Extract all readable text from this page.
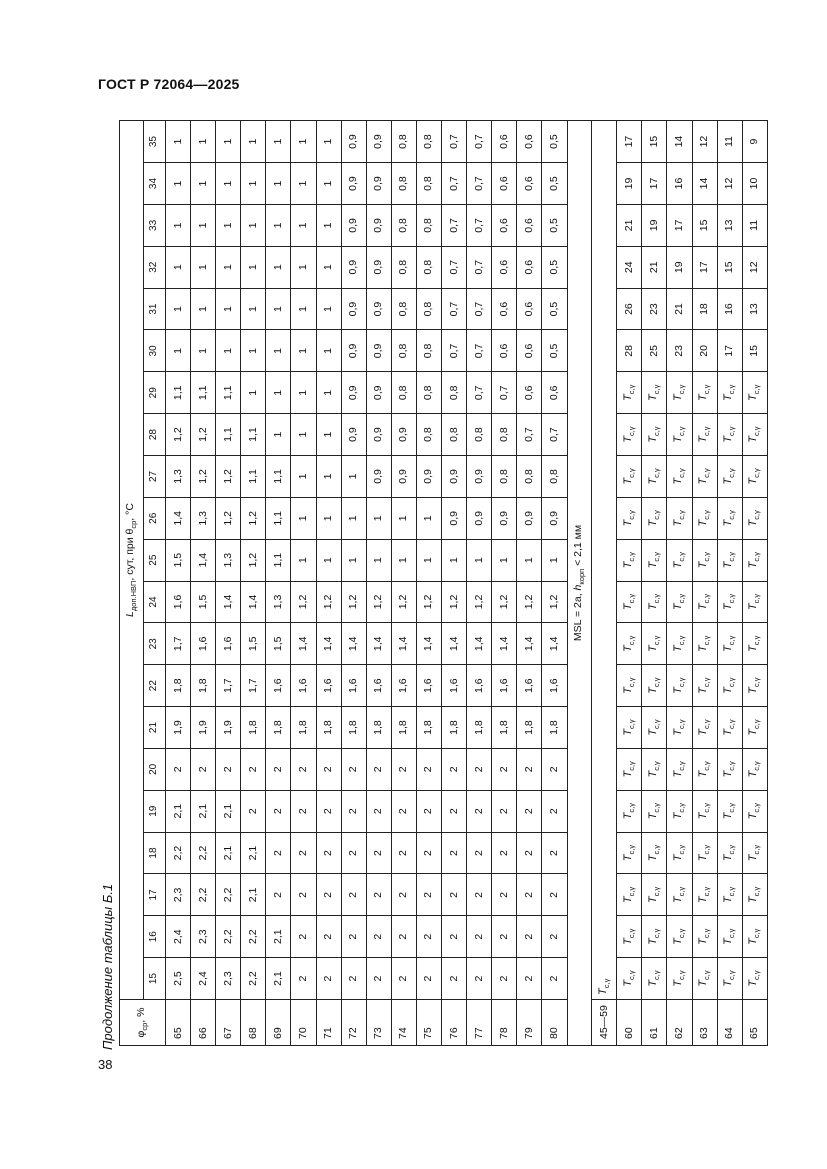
ГОСТ Р 72064—2025
Продолжение таблицы Б.1
38
$\varphi_{ср}$, %	$L_{доп.НВП}$, сут, при $\theta_{ср}$, °С																				
	15	16	17	18	19	20	21	22	23	24	25	26	27	28	29	30	31	32	33	34	35
65	2,5	2,4	2,3	2,2	2,1	2	1,9	1,8	1,7	1,6	1,5	1,4	1,3	1,2	1,1	1	1	1	1	1	1
66	2,4	2,3	2,2	2,2	2,1	2	1,9	1,8	1,6	1,5	1,4	1,3	1,2	1,2	1,1	1	1	1	1	1	1
67	2,3	2,2	2,2	2,1	2,1	2	1,9	1,7	1,6	1,4	1,3	1,2	1,2	1,1	1,1	1	1	1	1	1	1
68	2,2	2,2	2,1	2,1	2	2	1,8	1,7	1,5	1,4	1,2	1,2	1,1	1,1	1	1	1	1	1	1	1
69	2,1	2,1	2	2	2	2	1,8	1,6	1,5	1,3	1,1	1,1	1,1	1	1	1	1	1	1	1	1
70	2	2	2	2	2	2	1,8	1,6	1,4	1,2	1	1	1	1	1	1	1	1	1	1	1
71	2	2	2	2	2	2	1,8	1,6	1,4	1,2	1	1	1	1	1	1	1	1	1	1	1
72	2	2	2	2	2	2	1,8	1,6	1,4	1,2	1	1	1	0,9	0,9	0,9	0,9	0,9	0,9	0,9	0,9
73	2	2	2	2	2	2	1,8	1,6	1,4	1,2	1	1	0,9	0,9	0,9	0,9	0,9	0,9	0,9	0,9	0,9
74	2	2	2	2	2	2	1,8	1,6	1,4	1,2	1	1	0,9	0,9	0,8	0,8	0,8	0,8	0,8	0,8	0,8
75	2	2	2	2	2	2	1,8	1,6	1,4	1,2	1	1	0,9	0,8	0,8	0,8	0,8	0,8	0,8	0,8	0,8
76	2	2	2	2	2	2	1,8	1,6	1,4	1,2	1	0,9	0,9	0,8	0,8	0,7	0,7	0,7	0,7	0,7	0,7
77	2	2	2	2	2	2	1,8	1,6	1,4	1,2	1	0,9	0,9	0,8	0,7	0,7	0,7	0,7	0,7	0,7	0,7
78	2	2	2	2	2	2	1,8	1,6	1,4	1,2	1	0,9	0,8	0,8	0,7	0,6	0,6	0,6	0,6	0,6	0,6
79	2	2	2	2	2	2	1,8	1,6	1,4	1,2	1	0,9	0,8	0,7	0,6	0,6	0,6	0,6	0,6	0,6	0,6
80	2	2	2	2	2	2	1,8	1,6	1,4	1,2	1	0,9	0,8	0,7	0,6	0,5	0,5	0,5	0,5	0,5	0,5
MSL = 2a, $h_{корп} < 2,1$ мм																					
45—59	$T_{c,\gamma}$
60	$T_{c,\gamma}$	$T_{c,\gamma}$	$T_{c,\gamma}$	$T_{c,\gamma}$	$T_{c,\gamma}$	$T_{c,\gamma}$	$T_{c,\gamma}$	$T_{c,\gamma}$	$T_{c,\gamma}$	$T_{c,\gamma}$	$T_{c,\gamma}$	$T_{c,\gamma}$	$T_{c,\gamma}$	$T_{c,\gamma}$	$T_{c,\gamma}$	28	26	24	21	19	17
61	$T_{c,\gamma}$	$T_{c,\gamma}$	$T_{c,\gamma}$	$T_{c,\gamma}$	$T_{c,\gamma}$	$T_{c,\gamma}$	$T_{c,\gamma}$	$T_{c,\gamma}$	$T_{c,\gamma}$	$T_{c,\gamma}$	$T_{c,\gamma}$	$T_{c,\gamma}$	$T_{c,\gamma}$	$T_{c,\gamma}$	$T_{c,\gamma}$	25	23	21	19	17	15
62	$T_{c,\gamma}$	$T_{c,\gamma}$	$T_{c,\gamma}$	$T_{c,\gamma}$	$T_{c,\gamma}$	$T_{c,\gamma}$	$T_{c,\gamma}$	$T_{c,\gamma}$	$T_{c,\gamma}$	$T_{c,\gamma}$	$T_{c,\gamma}$	$T_{c,\gamma}$	$T_{c,\gamma}$	$T_{c,\gamma}$	$T_{c,\gamma}$	23	21	19	17	16	14
63	$T_{c,\gamma}$	$T_{c,\gamma}$	$T_{c,\gamma}$	$T_{c,\gamma}$	$T_{c,\gamma}$	$T_{c,\gamma}$	$T_{c,\gamma}$	$T_{c,\gamma}$	$T_{c,\gamma}$	$T_{c,\gamma}$	$T_{c,\gamma}$	$T_{c,\gamma}$	$T_{c,\gamma}$	$T_{c,\gamma}$	$T_{c,\gamma}$	20	18	17	15	14	12
64	$T_{c,\gamma}$	$T_{c,\gamma}$	$T_{c,\gamma}$	$T_{c,\gamma}$	$T_{c,\gamma}$	$T_{c,\gamma}$	$T_{c,\gamma}$	$T_{c,\gamma}$	$T_{c,\gamma}$	$T_{c,\gamma}$	$T_{c,\gamma}$	$T_{c,\gamma}$	$T_{c,\gamma}$	$T_{c,\gamma}$	$T_{c,\gamma}$	17	16	15	13	12	11
65	$T_{c,\gamma}$	$T_{c,\gamma}$	$T_{c,\gamma}$	$T_{c,\gamma}$	$T_{c,\gamma}$	$T_{c,\gamma}$	$T_{c,\gamma}$	$T_{c,\gamma}$	$T_{c,\gamma}$	$T_{c,\gamma}$	$T_{c,\gamma}$	$T_{c,\gamma}$	$T_{c,\gamma}$	$T_{c,\gamma}$	$T_{c,\gamma}$	15	13	12	11	10	9
